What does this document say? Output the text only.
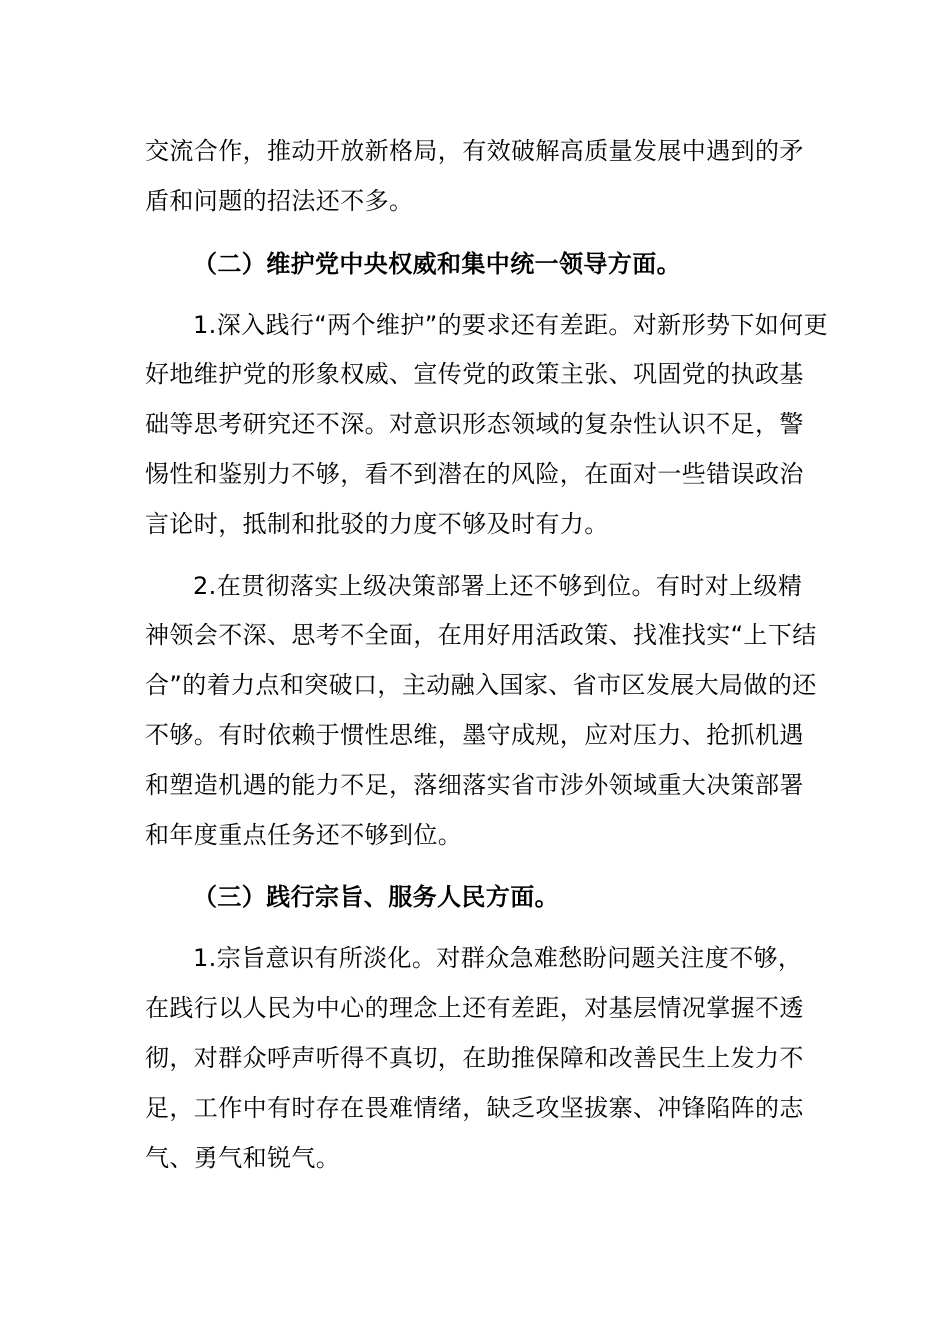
交流合作，推动开放新格局，有效破解高质量发展中遇到的矛
盾和问题的招法还不多。
（二）维护党中央权威和集中统一领导方面。
1.深入践行“两个维护”的要求还有差距。对新形势下如何更
好地维护党的形象权威、宣传党的政策主张、巩固党的执政基
础等思考研究还不深。对意识形态领域的复杂性认识不足，警
惕性和鉴别力不够，看不到潜在的风险，在面对一些错误政治
言论时，抵制和批驳的力度不够及时有力。
2.在贯彻落实上级决策部署上还不够到位。有时对上级精
神领会不深、思考不全面，在用好用活政策、找准找实“上下结
合”的着力点和突破口，主动融入国家、省市区发展大局做的还
不够。有时依赖于惯性思维，墨守成规，应对压力、抢抓机遇
和塑造机遇的能力不足，落细落实省市涉外领域重大决策部署
和年度重点任务还不够到位。
（三）践行宗旨、服务人民方面。
1.宗旨意识有所淡化。对群众急难愁盼问题关注度不够，
在践行以人民为中心的理念上还有差距，对基层情况掌握不透
彻，对群众呼声听得不真切，在助推保障和改善民生上发力不
足，工作中有时存在畏难情绪，缺乏攻坚拔寨、冲锋陷阵的志
气、勇气和锐气。
